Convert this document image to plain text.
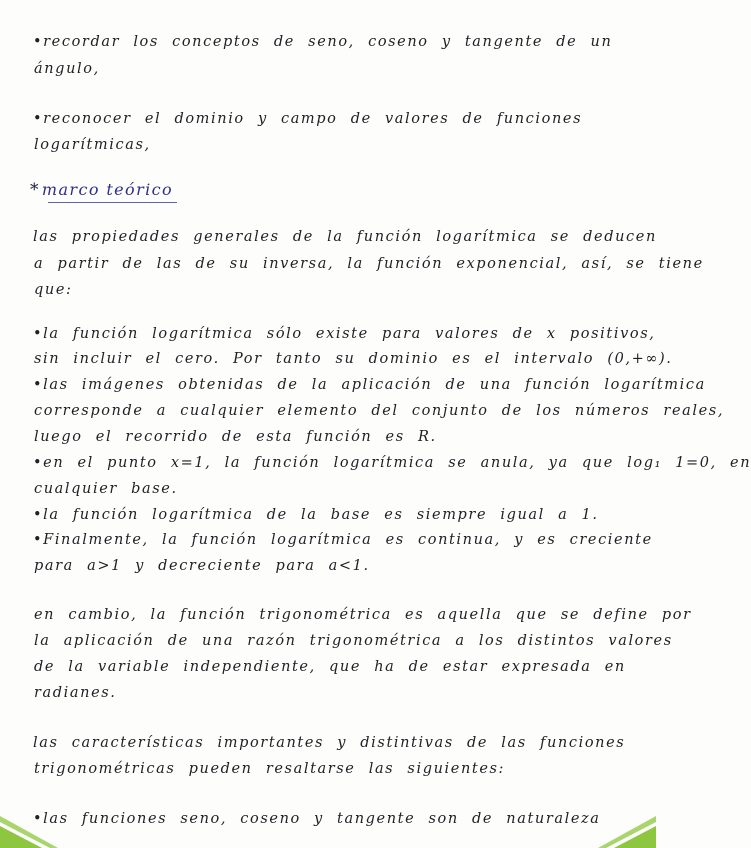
•recordar los conceptos de seno, coseno y tangente de un
ángulo,
•reconocer el dominio y campo de valores de funciones
logarítmicas,
* marco teórico
las propiedades generales de la función logarítmica se deducen
a partir de las de su inversa, la función exponencial, así, se tiene
que:
•la función logarítmica sólo existe para valores de x positivos,
sin incluir el cero. Por tanto su dominio es el intervalo (0,+∞).
•las imágenes obtenidas de la aplicación de una función logarítmica
corresponde a cualquier elemento del conjunto de los números reales,
luego el recorrido de esta función es R.
•en el punto x=1, la función logarítmica se anula, ya que log₁ 1=0, en
cualquier base.
•la función logarítmica de la base es siempre igual a 1.
•Finalmente, la función logarítmica es continua, y es creciente
para a>1 y decreciente para a<1.
en cambio, la función trigonométrica es aquella que se define por
la aplicación de una razón trigonométrica a los distintos valores
de la variable independiente, que ha de estar expresada en
radianes.
las características importantes y distintivas de las funciones
trigonométricas pueden resaltarse las siguientes:
•las funciones seno, coseno y tangente son de naturaleza
